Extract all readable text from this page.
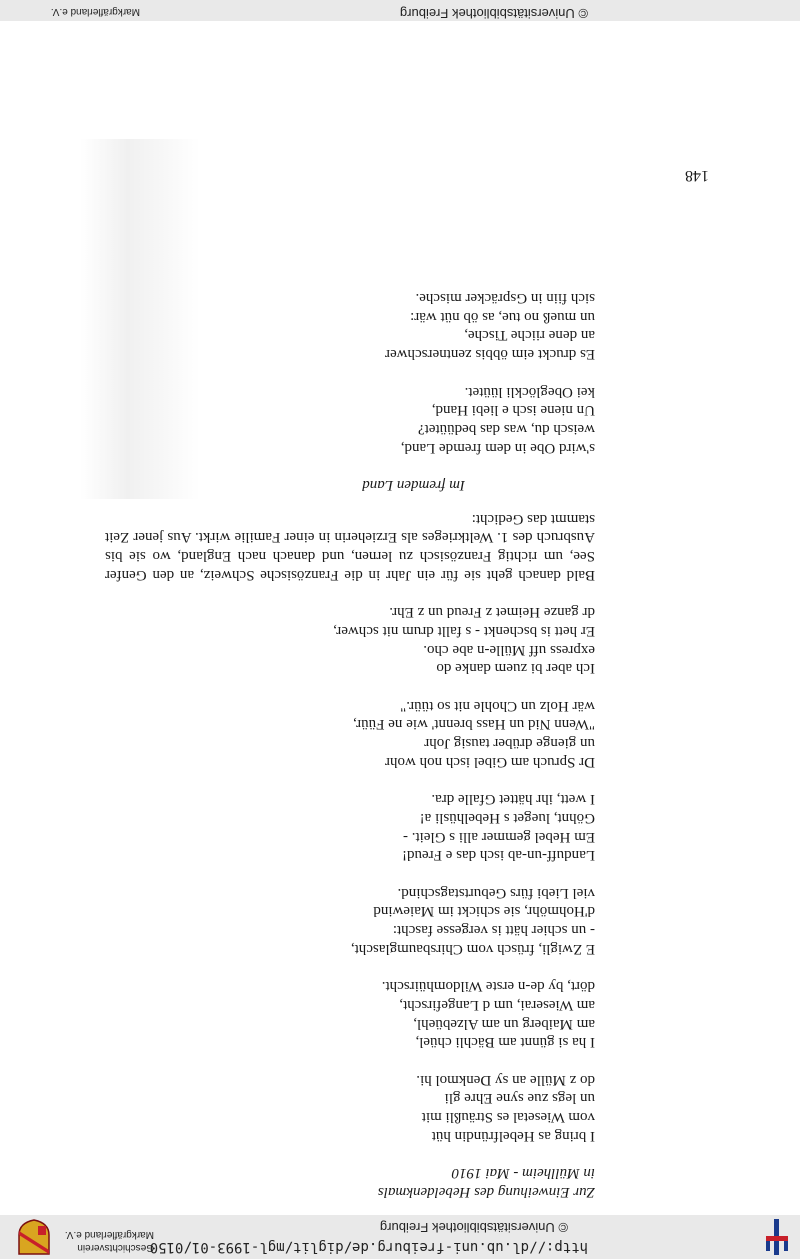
http://dl.ub.uni-freiburg.de/diglit/mgl-1993-01/0150
© Universitätsbibliothek Freiburg
Geschichtsverein
Markgräflerland e.V.

Zur Einweihung des Hebeldenkmals

in Müllheim - Mai 1910

I bring as Hebelfründin hüt

vom Wiesetal es Sträußli mit

un legs zue syne Ehre gli

do z Mülle an sy Denkmol hi.

I ha si günnt am Bächli chüel,

am Maiberg un am Alzebüehl,

am Wieserai, um d Langefirscht,

dört, by de-n erste Wildomhüirscht.

E Zwigli, früsch vom Chirsbaumglascht,

- un schier hätt is vergesse fascht:

d'Hohmöhr, sie schickt im Maiewind

viel Liebi fürs Geburtstagschind.

Landuff-un-ab isch das e Freud!

Em Hebel gemmer alli s Gleit. -

Göhnt, lueget s Hebelhüsli a!

I wett, ihr hättet Gfalle dra.

Dr Spruch am Gibel isch noh wohr

un gienge drüber tausig Johr

"Wenn Nid un Hass brennt' wie ne Füür,

wär Holz un Chohle nit so tüür."

Ich aber bi zuem danke do

express uff Mülle-n abe cho.

Er hett is bschenkt - s fallt drum nit schwer,

dr ganze Heimet z Freud un z Ehr.

Bald danach geht sie für ein Jahr in die Französische Schweiz, an den Genfer See, um richtig Französisch zu lernen, und danach nach England, wo sie bis Ausbruch des 1. Weltkrieges als Erzieherin in einer Familie wirkt. Aus jener Zeit stammt das Gedicht:

Im fremden Land

s'wird Obe in dem fremde Land,

weisch du, was das bedüütet?

Un niene isch e liebi Hand,

kei Obeglöckli lüütet.

Es druckt eim öbbis zentnerschwer

an dene riiche Tische,

un mueß no tue, as öb nüt wär:

sich fiin in Gspräcker mische.

148
© Universitätsbibliothek Freiburg
Markgräflerland e.V.
